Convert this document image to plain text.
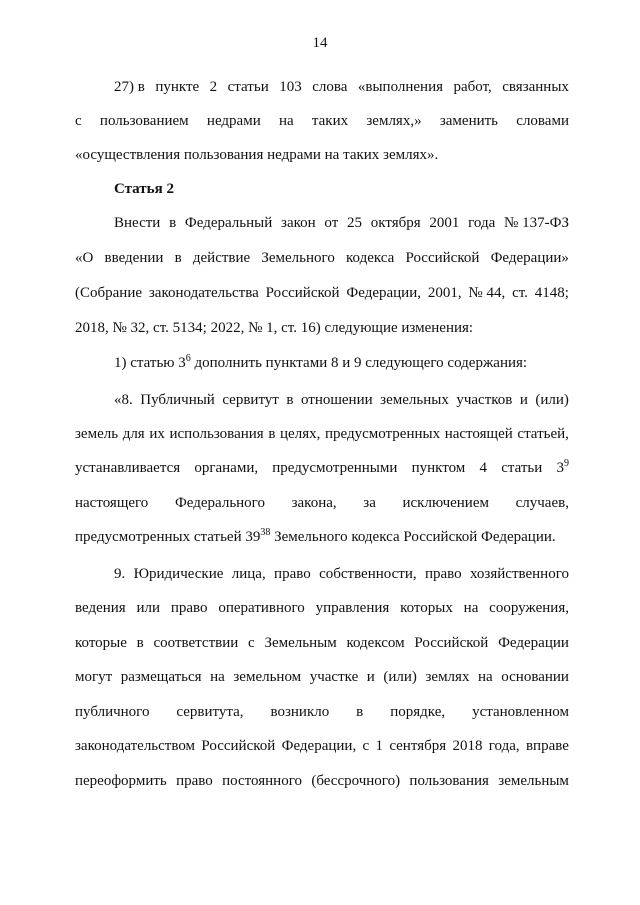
14
27) в пункте 2 статьи 103 слова «выполнения работ, связанных
с пользованием недрами на таких землях,» заменить словами
«осуществления пользования недрами на таких землях».
Статья 2
Внести в Федеральный закон от 25 октября 2001 года № 137-ФЗ
«О введении в действие Земельного кодекса Российской Федерации»
(Собрание законодательства Российской Федерации, 2001, № 44, ст. 4148;
2018, № 32, ст. 5134; 2022, № 1, ст. 16) следующие изменения:
1) статью $3^6$ дополнить пунктами 8 и 9 следующего содержания:
«8. Публичный сервитут в отношении земельных участков и (или)
земель для их использования в целях, предусмотренных настоящей статьей,
устанавливается органами, предусмотренными пунктом 4 статьи $3^9$
настоящего Федерального закона, за исключением случаев,
предусмотренных статьей $39^{38}$ Земельного кодекса Российской Федерации.
9. Юридические лица, право собственности, право хозяйственного
ведения или право оперативного управления которых на сооружения,
которые в соответствии с Земельным кодексом Российской Федерации
могут размещаться на земельном участке и (или) землях на основании
публичного сервитута, возникло в порядке, установленном
законодательством Российской Федерации, с 1 сентября 2018 года, вправе
переоформить право постоянного (бессрочного) пользования земельным
